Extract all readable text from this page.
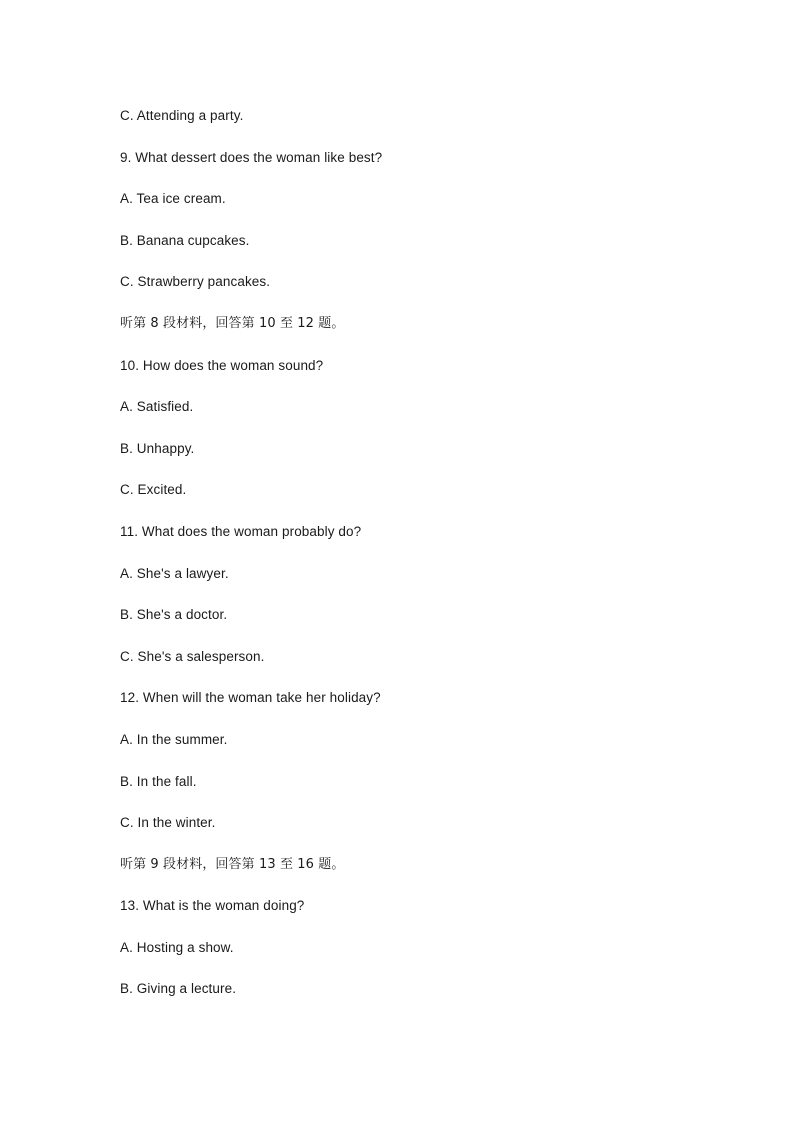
C. Attending a party.
9. What dessert does the woman like best?
A. Tea ice cream.
B. Banana cupcakes.
C. Strawberry pancakes.
听第 8 段材料，回答第 10 至 12 题。
10. How does the woman sound?
A. Satisfied.
B. Unhappy.
C. Excited.
11. What does the woman probably do?
A. She's a lawyer.
B. She's a doctor.
C. She's a salesperson.
12. When will the woman take her holiday?
A. In the summer.
B. In the fall.
C. In the winter.
听第 9 段材料，回答第 13 至 16 题。
13. What is the woman doing?
A. Hosting a show.
B. Giving a lecture.
